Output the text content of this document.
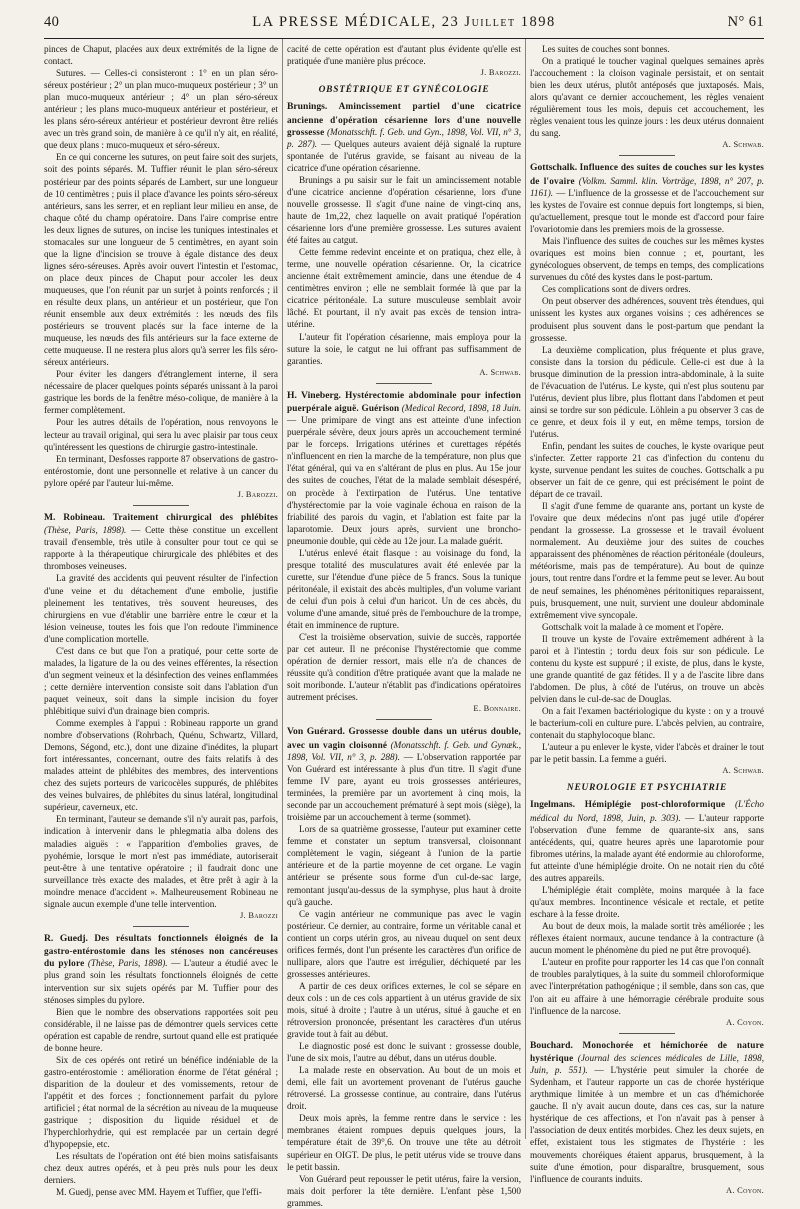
40	LA PRESSE MÉDICALE, 23 Juillet 1898	N° 61

pinces de Chaput, placées aux deux extrémités de la ligne de contact.

Sutures. — Celles-ci consisteront : 1° en un plan séro-séreux postérieur ; 2° un plan muco-muqueux postérieur ; 3° un plan muco-muqueux antérieur ; 4° un plan séro-séreux antérieur ; les plans muco-muqueux antérieur et postérieur, et les plans séro-séreux antérieur et postérieur devront être reliés avec un très grand soin, de manière à ce qu'il n'y ait, en réalité, que deux plans : muco-muqueux et séro-séreux.

En ce qui concerne les sutures, on peut faire soit des surjets, soit des points séparés. M. Tuffier réunit le plan séro-séreux postérieur par des points séparés de Lambert, sur une longueur de 10 centimètres ; puis il place d'avance les points séro-séreux antérieurs, sans les serrer, et en repliant leur milieu en anse, de chaque côté du champ opératoire. Dans l'aire comprise entre les deux lignes de sutures, on incise les tuniques intestinales et stomacales sur une longueur de 5 centimètres, en ayant soin que la ligne d'incision se trouve à égale distance des deux lignes séro-séreuses. Après avoir ouvert l'intestin et l'estomac, on place deux pinces de Chaput pour accoler les deux muqueuses, que l'on réunit par un surjet à points renforcés ; il en résulte deux plans, un antérieur et un postérieur, que l'on réunit ensemble aux deux extrémités : les nœuds des fils postérieurs se trouvent placés sur la face interne de la muqueuse, les nœuds des fils antérieurs sur la face externe de cette muqueuse. Il ne restera plus alors qu'à serrer les fils séro-séreux antérieurs.

Pour éviter les dangers d'étranglement interne, il sera nécessaire de placer quelques points séparés unissant à la paroi gastrique les bords de la fenêtre méso-colique, de manière à la fermer complètement.

Pour les autres détails de l'opération, nous renvoyons le lecteur au travail original, qui sera lu avec plaisir par tous ceux qu'intéressent les questions de chirurgie gastro-intestinale.

En terminant, Desfosses rapporte 87 observations de gastro-entérostomie, dont une personnelle et relative à un cancer du pylore opéré par l'auteur lui-même.

J. Barozzi.

M. Robineau. Traitement chirurgical des phlébites (Thèse, Paris, 1898). — Cette thèse constitue un excellent travail d'ensemble, très utile à consulter pour tout ce qui se rapporte à la thérapeutique chirurgicale des phlébites et des thromboses veineuses.

La gravité des accidents qui peuvent résulter de l'infection d'une veine et du détachement d'une embolie, justifie pleinement les tentatives, très souvent heureuses, des chirurgiens en vue d'établir une barrière entre le cœur et la lésion veineuse, toutes les fois que l'on redoute l'imminence d'une complication mortelle.

C'est dans ce but que l'on a pratiqué, pour cette sorte de malades, la ligature de la ou des veines efférentes, la résection d'un segment veineux et la désinfection des veines enflammées ; cette dernière intervention consiste soit dans l'ablation d'un paquet veineux, soit dans la simple incision du foyer phlébitique suivi d'un drainage bien compris.

Comme exemples à l'appui : Robineau rapporte un grand nombre d'observations (Rohrbach, Quénu, Schwartz, Villard, Demons, Ségond, etc.), dont une dizaine d'inédites, la plupart fort intéressantes, concernant, outre des faits relatifs à des malades atteint de phlébites des membres, des interventions chez des sujets porteurs de varicocèles suppurés, de phlébites des veines bulvaires, de phlébites du sinus latéral, longitudinal supérieur, caverneux, etc.

En terminant, l'auteur se demande s'il n'y aurait pas, parfois, indication à intervenir dans le phlegmatia alba dolens des maladies aiguës : « l'apparition d'embolies graves, de pyohémie, lorsque le mort n'est pas immédiate, autoriserait peut-être à une tentative opératoire ; il faudrait donc une surveillance très exacte des malades, et être prêt à agir à la moindre menace d'accident ». Malheureusement Robineau ne signale aucun exemple d'une telle intervention.

J. Barozzi

R. Guedj. Des résultats fonctionnels éloignés de la gastro-entérostomie dans les sténoses non cancéreuses du pylore (Thèse, Paris, 1898). — L'auteur a étudié avec le plus grand soin les résultats fonctionnels éloignés de cette intervention sur six sujets opérés par M. Tuffier pour des sténoses simples du pylore.

Bien que le nombre des observations rapportées soit peu considérable, il ne laisse pas de démontrer quels services cette opération est capable de rendre, surtout quand elle est pratiquée de bonne heure.

Six de ces opérés ont retiré un bénéfice indéniable de la gastro-entérostomie : amélioration énorme de l'état général ; disparition de la douleur et des vomissements, retour de l'appétit et des forces ; fonctionnement parfait du pylore artificiel ; état normal de la sécrétion au niveau de la muqueuse gastrique ; disposition du liquide résiduel et de l'hyperchlorhydrie, qui est remplacée par un certain degré d'hypopepsie, etc.

Les résultats de l'opération ont été bien moins satisfaisants chez deux autres opérés, et à peu près nuls pour les deux derniers.

M. Guedj, pense avec MM. Hayem et Tuffier, que l'effi-

cacité de cette opération est d'autant plus évidente qu'elle est pratiquée d'une manière plus précoce.

J. Barozzi.

OBSTÉTRIQUE ET GYNÉCOLOGIE

Brunings. Amincissement partiel d'une cicatrice ancienne d'opération césarienne lors d'une nouvelle grossesse (Monatsschft. f. Geb. und Gyn., 1898, Vol. VII, n° 3, p. 287). — Quelques auteurs avaient déjà signalé la rupture spontanée de l'utérus gravide, se faisant au niveau de la cicatrice d'une opération césarienne.

Brunings a pu saisir sur le fait un amincissement notable d'une cicatrice ancienne d'opération césarienne, lors d'une nouvelle grossesse. Il s'agit d'une naine de vingt-cinq ans, haute de 1m,22, chez laquelle on avait pratiqué l'opération césarienne lors d'une première grossesse. Les sutures avaient été faites au catgut.

Cette femme redevint enceinte et on pratiqua, chez elle, à terme, une nouvelle opération césarienne. Or, la cicatrice ancienne était extrêmement amincie, dans une étendue de 4 centimètres environ ; elle ne semblait formée là que par la cicatrice péritonéale. La suture musculeuse semblait avoir lâché. Et pourtant, il n'y avait pas excès de tension intra-utérine.

L'auteur fit l'opération césarienne, mais employa pour la suture la soie, le catgut ne lui offrant pas suffisamment de garanties.

A. Schwab.

H. Vineberg. Hystérectomie abdominale pour infection puerpérale aiguë. Guérison (Medical Record, 1898, 18 Juin. — Une primipare de vingt ans est atteinte d'une infection puerpérale sévère, deux jours après un accouchement terminé par le forceps. Irrigations utérines et curettages répétés n'influencent en rien la marche de la température, non plus que l'état général, qui va en s'altérant de plus en plus. Au 15e jour des suites de couches, l'état de la malade semblait désespéré, on procède à l'extirpation de l'utérus. Une tentative d'hystérectomie par la voie vaginale échoua en raison de la friabilité des parois du vagin, et l'ablation est faite par la laparotomie. Deux jours après, survient une broncho-pneumonie double, qui cède au 12e jour. La malade guérit.

L'utérus enlevé était flasque : au voisinage du fond, la presque totalité des musculatures avait été enlevée par la curette, sur l'étendue d'une pièce de 5 francs. Sous la tunique péritonéale, il existait des abcès multiples, d'un volume variant de celui d'un pois à celui d'un haricot. Un de ces abcès, du volume d'une amande, situé près de l'embouchure de la trompe, était en imminence de rupture.

C'est la troisième observation, suivie de succès, rapportée par cet auteur. Il ne préconise l'hystérectomie que comme opération de dernier ressort, mais elle n'a de chances de réussite qu'à condition d'être pratiquée avant que la malade ne soit moribonde. L'auteur n'établit pas d'indications opératoires autrement précises.

E. Bonnaire.

Von Guérard. Grossesse double dans un utérus double, avec un vagin cloisonné (Monatsschft. f. Geb. und Gynæk., 1898, Vol. VII, n° 3, p. 288). — L'observation rapportée par Von Guérard est intéressante à plus d'un titre. Il s'agit d'une femme IV pare, ayant eu trois grossesses antérieures, terminées, la première par un avortement à cinq mois, la seconde par un accouchement prématuré à sept mois (siège), la troisième par un accouchement à terme (sommet).

Lors de sa quatrième grossesse, l'auteur put examiner cette femme et constater un septum transversal, cloisonnant complètement le vagin, siégeant à l'union de la partie antérieure et de la partie moyenne de cet organe. Le vagin antérieur se présente sous forme d'un cul-de-sac large, remontant jusqu'au-dessus de la symphyse, plus haut à droite qu'à gauche.

Ce vagin antérieur ne communique pas avec le vagin postérieur. Ce dernier, au contraire, forme un véritable canal et contient un corps utérin gros, au niveau duquel on sent deux orifices fermés, dont l'un présente les caractères d'un orifice de nullipare, alors que l'autre est irrégulier, déchiqueté par les grossesses antérieures.

A partir de ces deux orifices externes, le col se sépare en deux cols : un de ces cols appartient à un utérus gravide de six mois, situé à droite ; l'autre à un utérus, situé à gauche et en rétroversion prononcée, présentant les caractères d'un utérus gravide tout à fait au début.

Le diagnostic posé est donc le suivant : grossesse double, l'une de six mois, l'autre au début, dans un utérus double.

La malade reste en observation. Au bout de un mois et demi, elle fait un avortement provenant de l'utérus gauche rétroversé. La grossesse continue, au contraire, dans l'utérus droit.

Deux mois après, la femme rentre dans le service : les membranes étaient rompues depuis quelques jours, la température était de 39°,6. On trouve une tête au détroit supérieur en OIGT. De plus, le petit utérus vide se trouve dans le petit bassin.

Von Guérard peut repousser le petit utérus, faire la version, mais doit perforer la tête dernière. L'enfant pèse 1,500 grammes.

Les suites de couches sont bonnes.

On a pratiqué le toucher vaginal quelques semaines après l'accouchement : la cloison vaginale persistait, et on sentait bien les deux utérus, plutôt antéposés que juxtaposés. Mais, alors qu'avant ce dernier accouchement, les règles venaient régulièrement tous les mois, depuis cet accouchement, les règles venaient tous les quinze jours : les deux utérus donnaient du sang.

A. Schwab.

Gottschalk. Influence des suites de couches sur les kystes de l'ovaire (Volkm. Samml. klin. Vorträge, 1898, n° 207, p. 1161). — L'influence de la grossesse et de l'accouchement sur les kystes de l'ovaire est connue depuis fort longtemps, si bien, qu'actuellement, presque tout le monde est d'accord pour faire l'ovariotomie dans les premiers mois de la grossesse.

Mais l'influence des suites de couches sur les mêmes kystes ovariques est moins bien connue ; et, pourtant, les gynécologues observent, de temps en temps, des complications survenues du côté des kystes dans le post-partum.

Ces complications sont de divers ordres.

On peut observer des adhérences, souvent très étendues, qui unissent les kystes aux organes voisins ; ces adhérences se produisent plus souvent dans le post-partum que pendant la grossesse.

La deuxième complication, plus fréquente et plus grave, consiste dans la torsion du pédicule. Celle-ci est due à la brusque diminution de la pression intra-abdominale, à la suite de l'évacuation de l'utérus. Le kyste, qui n'est plus soutenu par l'utérus, devient plus libre, plus flottant dans l'abdomen et peut ainsi se tordre sur son pédicule. Löhlein a pu observer 3 cas de ce genre, et deux fois il y eut, en même temps, torsion de l'utérus.

Enfin, pendant les suites de couches, le kyste ovarique peut s'infecter. Zetter rapporte 21 cas d'infection du contenu du kyste, survenue pendant les suites de couches. Gottschalk a pu observer un fait de ce genre, qui est précisément le point de départ de ce travail.

Il s'agit d'une femme de quarante ans, portant un kyste de l'ovaire que deux médecins n'ont pas jugé utile d'opérer pendant la grossesse. La grossesse et le travail évoluent normalement. Au deuxième jour des suites de couches apparaissent des phénomènes de réaction péritonéale (douleurs, météorisme, mais pas de température). Au bout de quinze jours, tout rentre dans l'ordre et la femme peut se lever. Au bout de neuf semaines, les phénomènes péritonitiques reparaissent, puis, brusquement, une nuit, survient une douleur abdominale extrêmement vive syncopale.

Gottschalk voit la malade à ce moment et l'opère.

Il trouve un kyste de l'ovaire extrêmement adhérent à la paroi et à l'intestin ; tordu deux fois sur son pédicule. Le contenu du kyste est suppuré ; il existe, de plus, dans le kyste, une grande quantité de gaz fétides. Il y a de l'ascite libre dans l'abdomen. De plus, à côté de l'utérus, on trouve un abcès pelvien dans le cul-de-sac de Douglas.

On a fait l'examen bactériologique du kyste : on y a trouvé le bacterium-coli en culture pure. L'abcès pelvien, au contraire, contenait du staphylocoque blanc.

L'auteur a pu enlever le kyste, vider l'abcès et drainer le tout par le petit bassin. La femme a guéri.

A. Schwab.

NEUROLOGIE ET PSYCHIATRIE

Ingelmans. Hémiplégie post-chloroformique (L'Écho médical du Nord, 1898, Juin, p. 303). — L'auteur rapporte l'observation d'une femme de quarante-six ans, sans antécédents, qui, quatre heures après une laparotomie pour fibromes utérins, la malade ayant été endormie au chloroforme, fut atteinte d'une hémiplégie droite. On ne notait rien du côté des autres appareils.

L'hémiplégie était complète, moins marquée à la face qu'aux membres. Incontinence vésicale et rectale, et petite eschare à la fesse droite.

Au bout de deux mois, la malade sortit très améliorée ; les réflexes étaient normaux, aucune tendance à la contracture (à aucun moment le phénomène du pied ne put être provoqué).

L'auteur en profite pour rapporter les 14 cas que l'on connaît de troubles paralytiques, à la suite du sommeil chloroformique avec l'interprétation pathogénique ; il semble, dans son cas, que l'on ait eu affaire à une hémorragie cérébrale produite sous l'influence de la narcose.

A. Coyon.

Bouchard. Monochorée et hémichorée de nature hystérique (Journal des sciences médicales de Lille, 1898, Juin, p. 551). — L'hystérie peut simuler la chorée de Sydenham, et l'auteur rapporte un cas de chorée hystérique arythmique limitée à un membre et un cas d'hémichorée gauche. Il n'y avait aucun doute, dans ces cas, sur la nature hystérique de ces affections, et l'on n'avait pas à penser à l'association de deux entités morbides. Chez les deux sujets, en effet, existaient tous les stigmates de l'hystérie : les mouvements choréiques étaient apparus, brusquement, à la suite d'une émotion, pour disparaître, brusquement, sous l'influence de courants induits.

A. Coyon.
